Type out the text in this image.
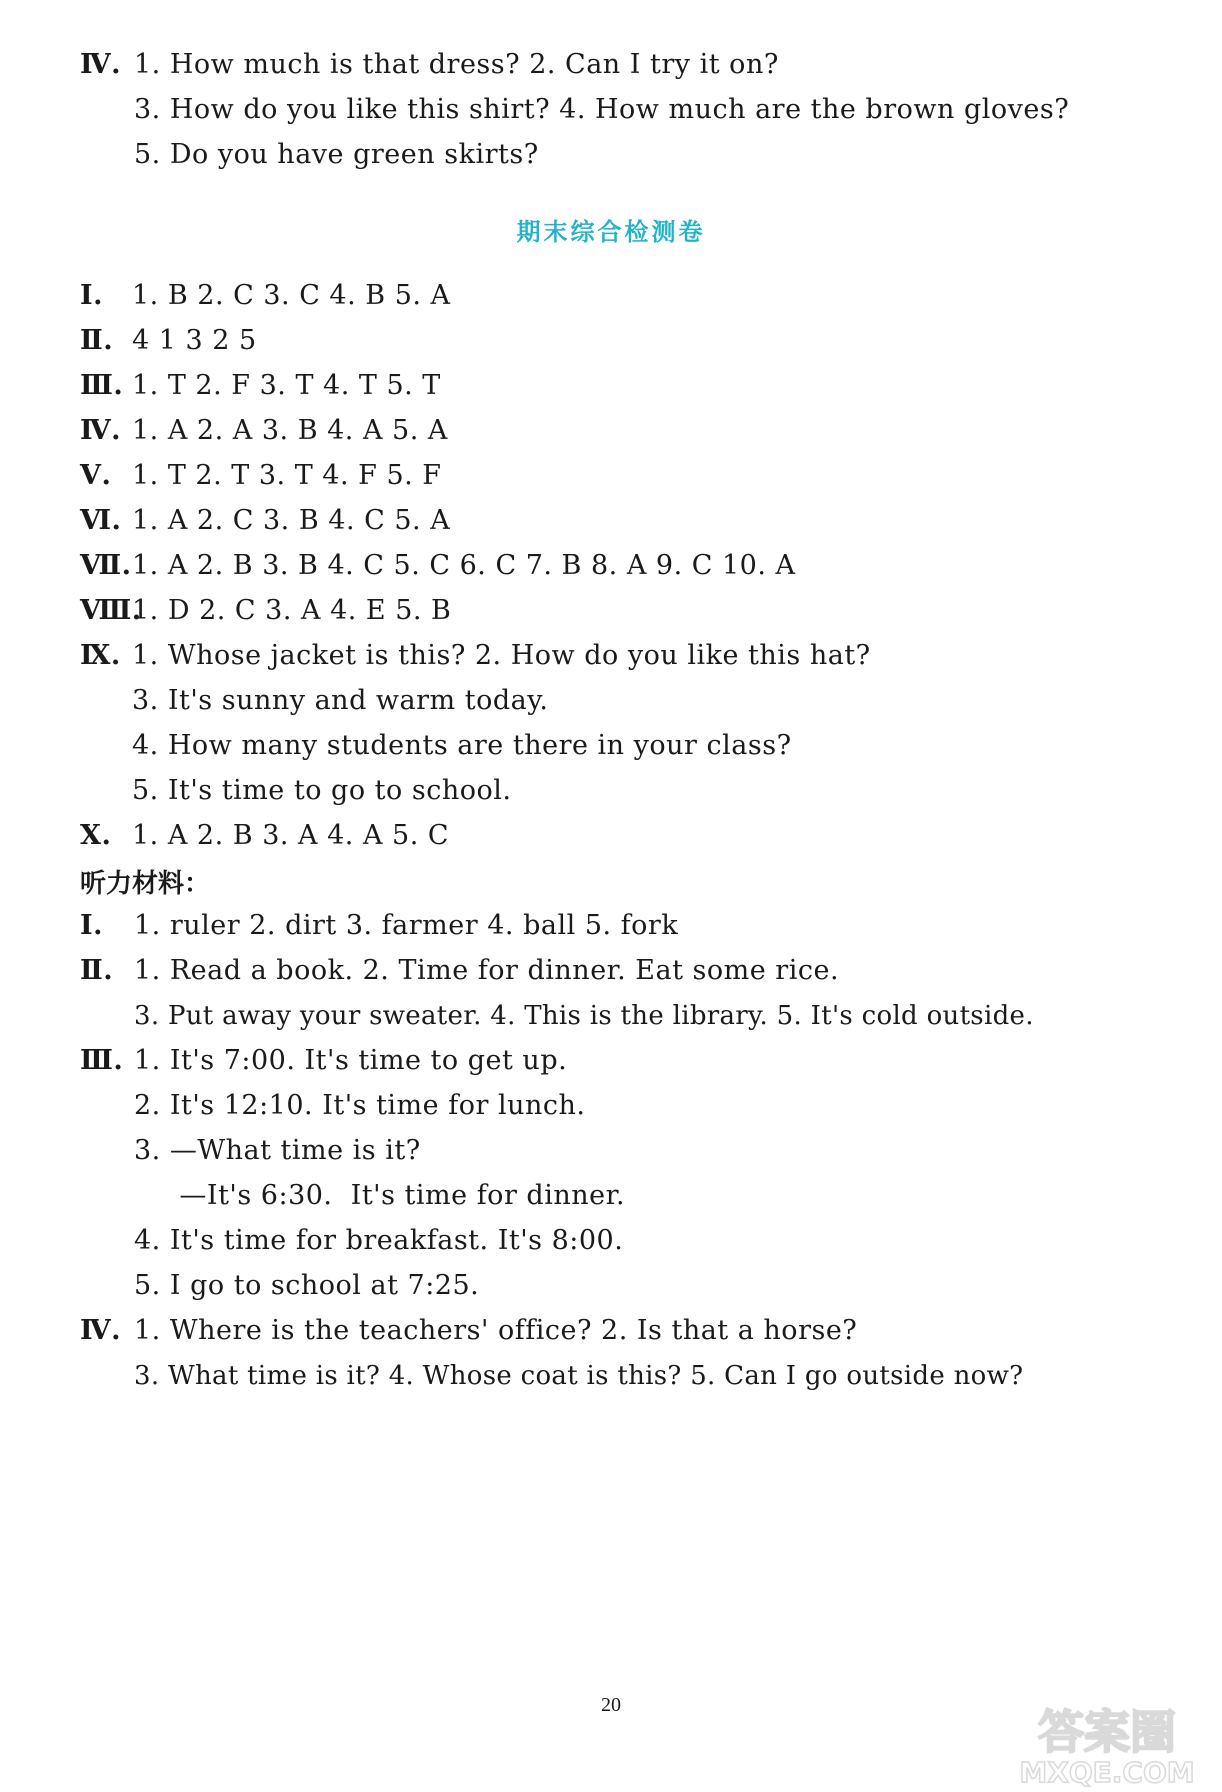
Ⅳ. 1. How much is that dress? 2. Can I try it on?
3. How do you like this shirt? 4. How much are the brown gloves?
5. Do you have green skirts?
期末综合检测卷
Ⅰ. 1. B 2. C 3. C 4. B 5. A
Ⅱ. 4 1 3 2 5
Ⅲ. 1. T 2. F 3. T 4. T 5. T
Ⅳ. 1. A 2. A 3. B 4. A 5. A
Ⅴ. 1. T 2. T 3. T 4. F 5. F
Ⅵ. 1. A 2. C 3. B 4. C 5. A
Ⅶ. 1. A 2. B 3. B 4. C 5. C 6. C 7. B 8. A 9. C 10. A
Ⅷ.
1. D 2. C 3. A 4. E 5. B
Ⅸ. 1. Whose jacket is this? 2. How do you like this hat?
3. It's sunny and warm today.
4. How many students are there in your class?
5. It's time to go to school.
Ⅹ. 1. A 2. B 3. A 4. A 5. C
听力材料：
Ⅰ. 1. ruler 2. dirt 3. farmer 4. ball 5. fork
Ⅱ. 1. Read a book. 2. Time for dinner. Eat some rice.
3. Put away your sweater. 4. This is the library. 5. It's cold outside.
Ⅲ. 1. It's 7:00. It's time to get up.
2. It's 12:10. It's time for lunch.
3. —What time is it?
—It's 6:30.  It's time for dinner.
4. It's time for breakfast. It's 8:00.
5. I go to school at 7:25.
Ⅳ. 1. Where is the teachers' office? 2. Is that a horse?
3. What time is it? 4. Whose coat is this? 5. Can I go outside now?
20	答案圈
MXQE.COM
